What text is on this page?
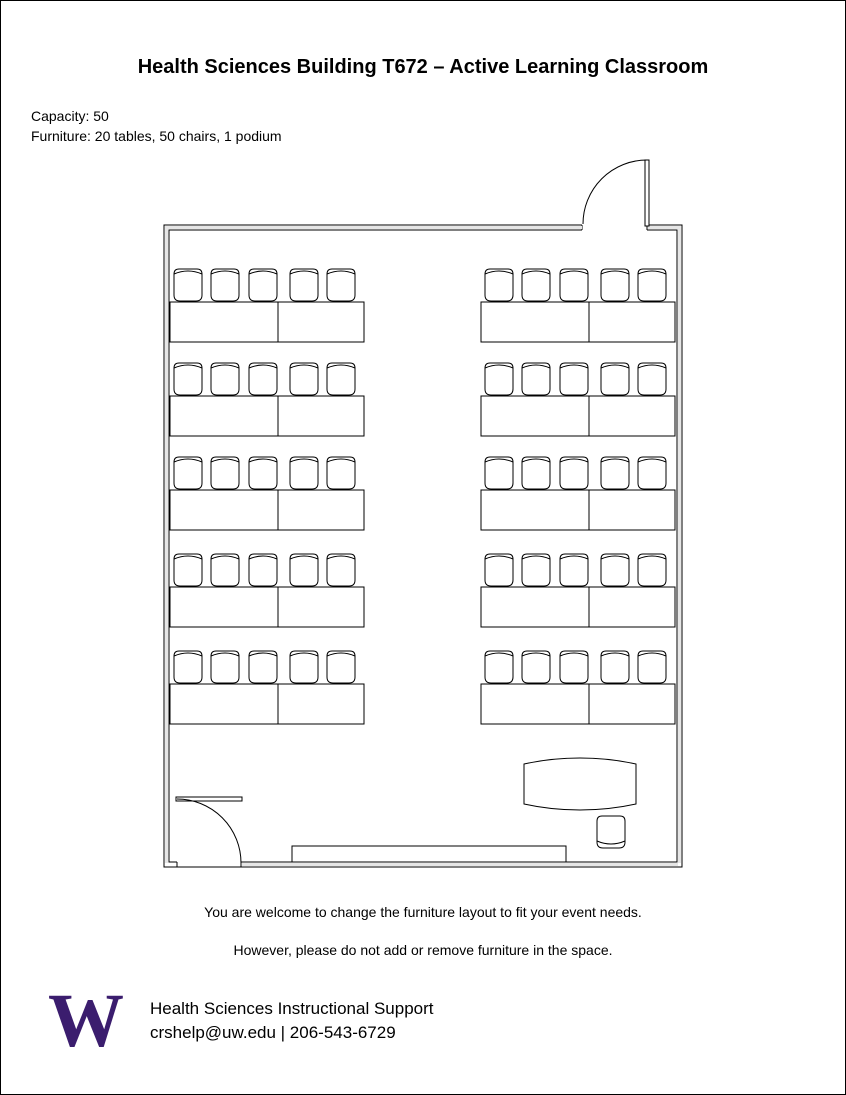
Health Sciences Building T672 – Active Learning Classroom
Capacity: 50
Furniture: 20 tables, 50 chairs, 1 podium
You are welcome to change the furniture layout to fit your event needs.
However, please do not add or remove furniture in the space.
W Health Sciences Instructional Support
crshelp@uw.edu | 206-543-6729
